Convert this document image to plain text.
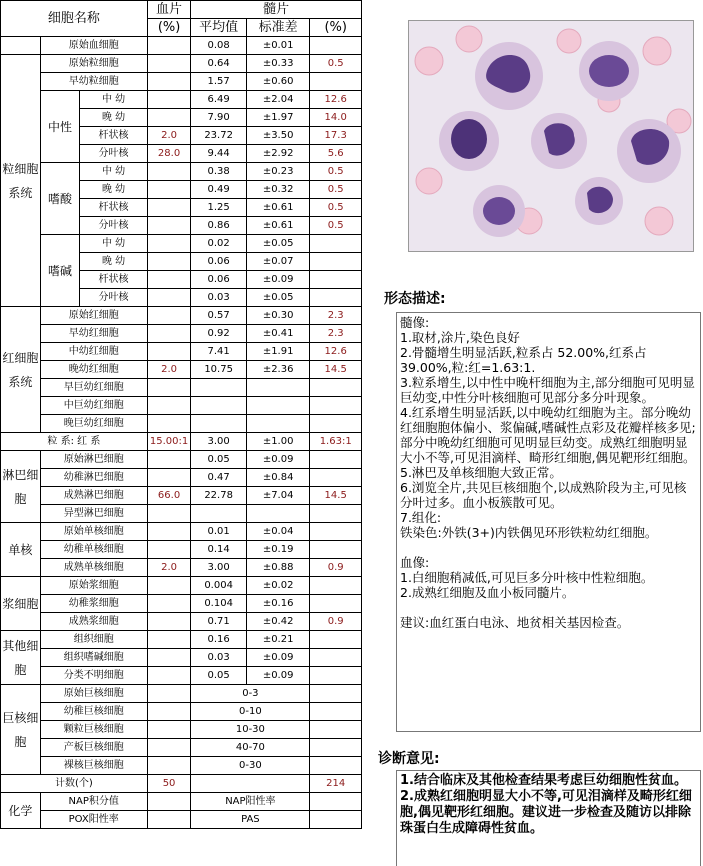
细胞名称			血片	髓片		
			(%)	平均值	标准差	(%)
	原始血细胞			0.08	±0.01	
粒细胞系统	原始粒细胞			0.64	±0.33	0.5
	早幼粒细胞			1.57	±0.60	
	中性	中 幼		6.49	±2.04	12.6
		晚 幼		7.90	±1.97	14.0
		杆状核	2.0	23.72	±3.50	17.3
		分叶核	28.0	9.44	±2.92	5.6
	嗜酸	中 幼		0.38	±0.23	0.5
		晚 幼		0.49	±0.32	0.5
		杆状核		1.25	±0.61	0.5
		分叶核		0.86	±0.61	0.5
	嗜碱	中 幼		0.02	±0.05	
		晚 幼		0.06	±0.07	
		杆状核		0.06	±0.09	
		分叶核		0.03	±0.05	
红细胞系统	原始红细胞			0.57	±0.30	2.3
	早幼红细胞			0.92	±0.41	2.3
	中幼红细胞			7.41	±1.91	12.6
	晚幼红细胞		2.0	10.75	±2.36	14.5
	早巨幼红细胞					
	中巨幼红细胞					
	晚巨幼红细胞					
粒 系: 红 系			15.00:1	3.00	±1.00	1.63:1
淋巴细胞	原始淋巴细胞			0.05	±0.09	
	幼稚淋巴细胞			0.47	±0.84	
	成熟淋巴细胞		66.0	22.78	±7.04	14.5
	异型淋巴细胞					
单核	原始单核细胞			0.01	±0.04	
	幼稚单核细胞			0.14	±0.19	
	成熟单核细胞		2.0	3.00	±0.88	0.9
浆细胞	原始浆细胞			0.004	±0.02	
	幼稚浆细胞			0.104	±0.16	
	成熟浆细胞			0.71	±0.42	0.9
其他细胞	组织细胞			0.16	±0.21	
	组织嗜碱细胞			0.03	±0.09	
	分类不明细胞			0.05	±0.09	
巨核细胞	原始巨核细胞			0-3		
	幼稚巨核细胞			0-10		
	颗粒巨核细胞			10-30		
	产板巨核细胞			40-70		
	裸核巨核细胞			0-30		
计数(个)			50			214
化学	NAP积分值			NAP阳性率		
	POX阳性率			PAS		
形态描述:

髓像:

1.取材,涂片,染色良好

2.骨髓增生明显活跃,粒系占 52.00%,红系占 39.00%,粒:红=1.63:1.

3.粒系增生,以中性中晚杆细胞为主,部分细胞可见明显巨幼变,中性分叶核细胞可见部分多分叶现象。

4.红系增生明显活跃,以中晚幼红细胞为主。部分晚幼红细胞胞体偏小、浆偏碱,嗜碱性点彩及花瓣样核多见;部分中晚幼红细胞可见明显巨幼变。成熟红细胞明显大小不等,可见泪滴样、畸形红细胞,偶见靶形红细胞。

5.淋巴及单核细胞大致正常。

6.浏览全片,共见巨核细胞个,以成熟阶段为主,可见核分叶过多。血小板簇散可见。

7.组化:

铁染色:外铁(3+)内铁偶见环形铁粒幼红细胞。

血像:

1.白细胞稍减低,可见巨多分叶核中性粒细胞。

2.成熟红细胞及血小板同髓片。

建议:血红蛋白电泳、地贫相关基因检查。

诊断意见:

1.结合临床及其他检查结果考虑巨幼细胞性贫血。

2.成熟红细胞明显大小不等,可见泪滴样及畸形红细胞,偶见靶形红细胞。建议进一步检查及随访以排除珠蛋白生成障碍性贫血。
